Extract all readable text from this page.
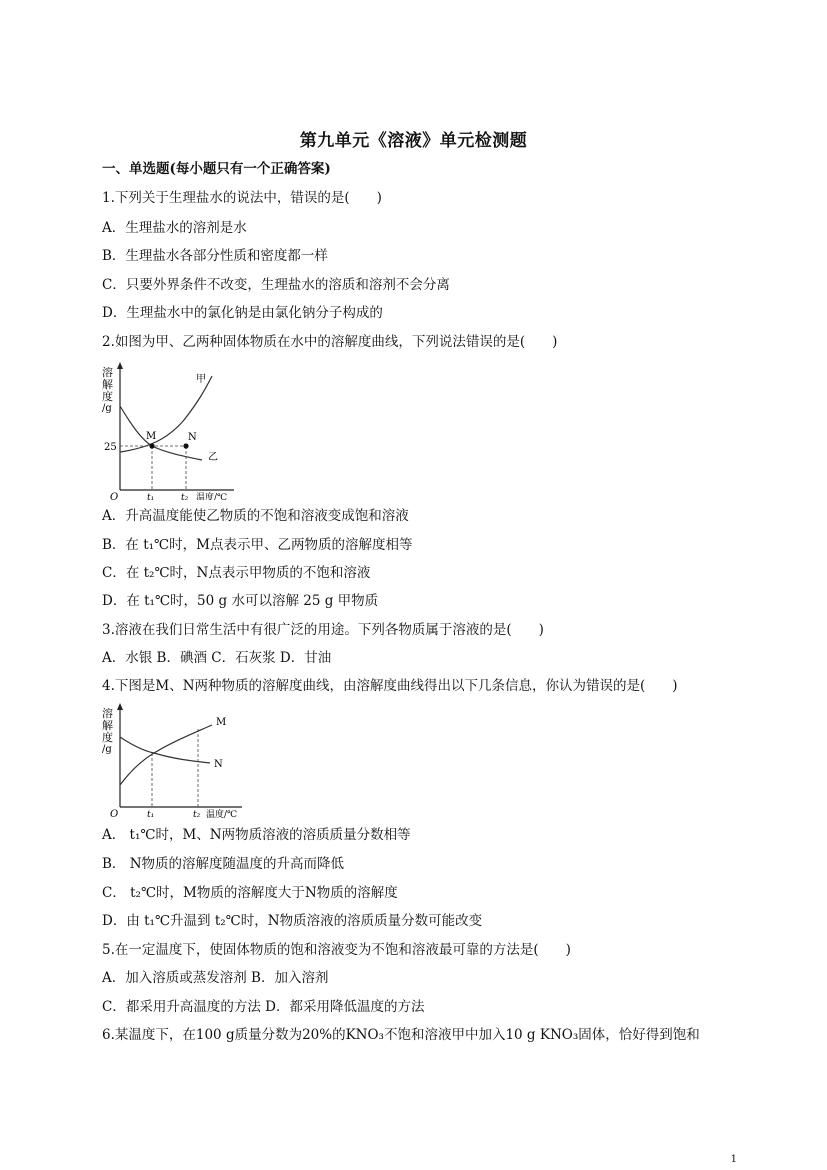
第九单元《溶液》单元检测题
一、单选题(每小题只有一个正确答案)
1.下列关于生理盐水的说法中，错误的是(　　)
A．生理盐水的溶剂是水
B．生理盐水各部分性质和密度都一样
C．只要外界条件不改变，生理盐水的溶质和溶剂不会分离
D．生理盐水中的氯化钠是由氯化钠分子构成的
2.如图为甲、乙两种固体物质在水中的溶解度曲线，下列说法错误的是(　　)
溶
解
度
/g
M	N
甲
乙
25
O	t₁	t₂ 温度/℃
A．升高温度能使乙物质的不饱和溶液变成饱和溶液
B．在 t₁℃时，M点表示甲、乙两物质的溶解度相等
C．在 t₂℃时，N点表示甲物质的不饱和溶液
D．在 t₁℃时，50 g 水可以溶解 25 g 甲物质
3.溶液在我们日常生活中有很广泛的用途。下列各物质属于溶液的是(　　)
A．水银 B．碘酒 C．石灰浆 D．甘油
4.下图是M、N两种物质的溶解度曲线，由溶解度曲线得出以下几条信息，你认为错误的是(　　)
溶
解
度
/g
M
N
O	t₁	t₂ 温度/℃
A． t₁℃时，M、N两物质溶液的溶质质量分数相等
B． N物质的溶解度随温度的升高而降低
C． t₂℃时，M物质的溶解度大于N物质的溶解度
D．由 t₁℃升温到 t₂℃时，N物质溶液的溶质质量分数可能改变
5.在一定温度下，使固体物质的饱和溶液变为不饱和溶液最可靠的方法是(　　)
A．加入溶质或蒸发溶剂 B．加入溶剂
C．都采用升高温度的方法 D．都采用降低温度的方法
6.某温度下，在100 g质量分数为20%的KNO₃不饱和溶液甲中加入10 g KNO₃固体，恰好得到饱和
1
